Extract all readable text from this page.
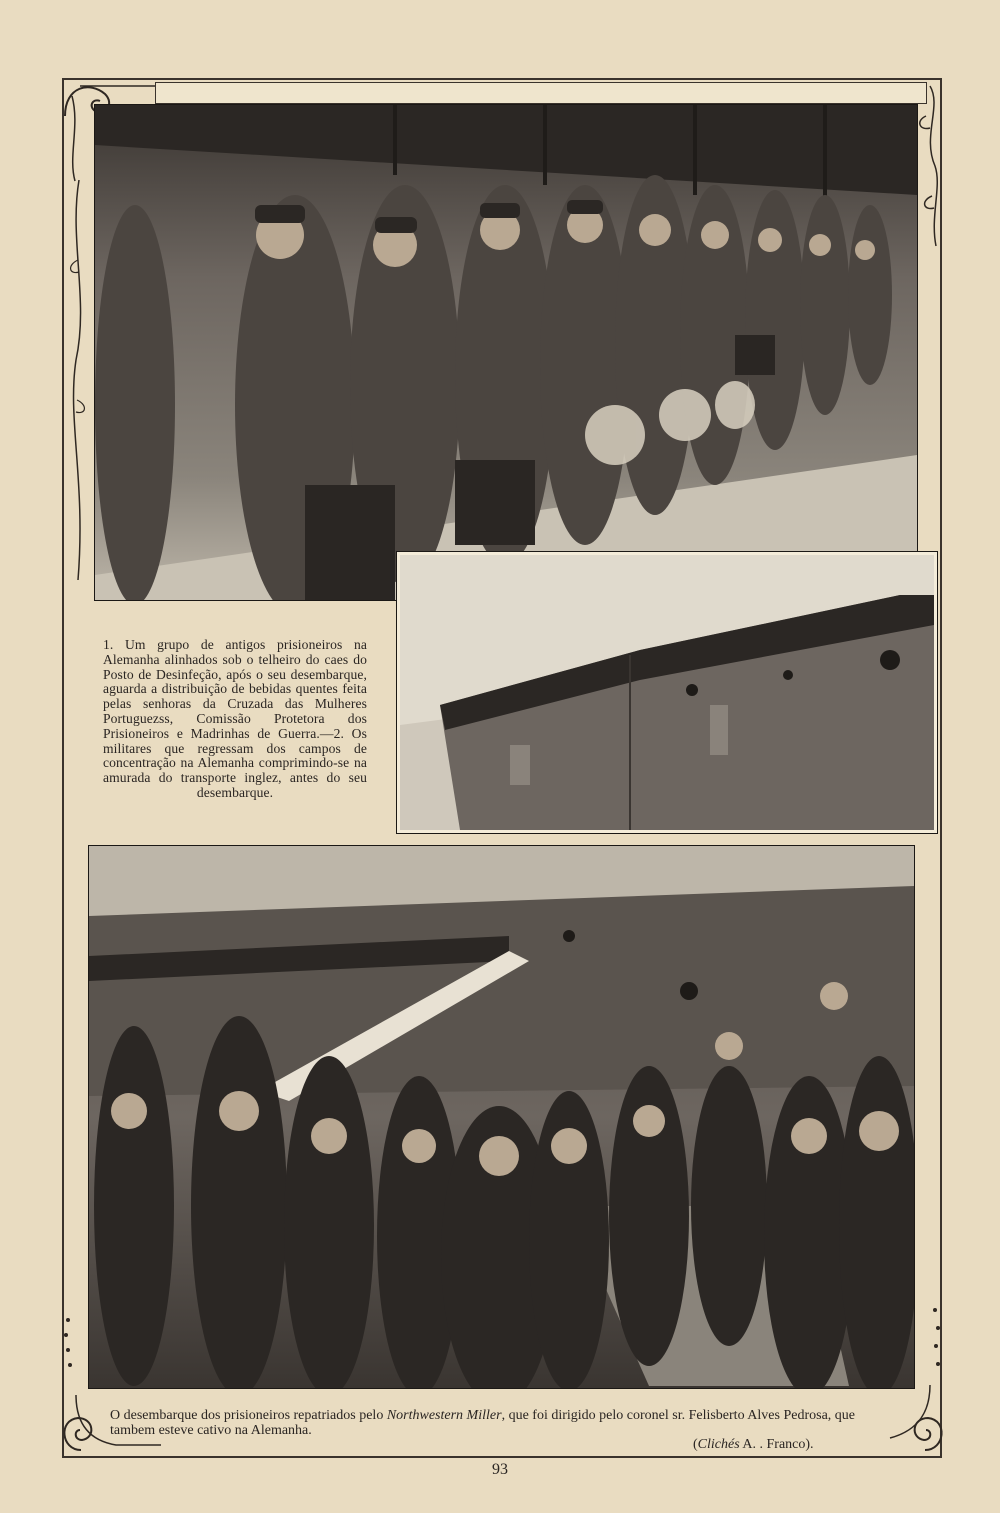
1. Um grupo de antigos prisioneiros na Alemanha alinhados sob o telheiro do caes do Posto de Desinfeção, após o seu desembarque, aguarda a distribuição de bebidas quentes feita pelas senhoras da Cruzada das Mulheres Portuguezss, Comissão Protetora dos Prisioneiros e Madrinhas de Guerra.—2. Os militares que regressam dos campos de concentração na Alemanha comprimindo-se na amurada do transporte inglez, antes do seu desembarque.
O desembarque dos prisioneiros repatriados pelo Northwestern Miller, que foi dirigido pelo coronel sr. Felisberto Alves Pedrosa, que tambem esteve cativo na Alemanha.
(Clichés A. . Franco).
93
